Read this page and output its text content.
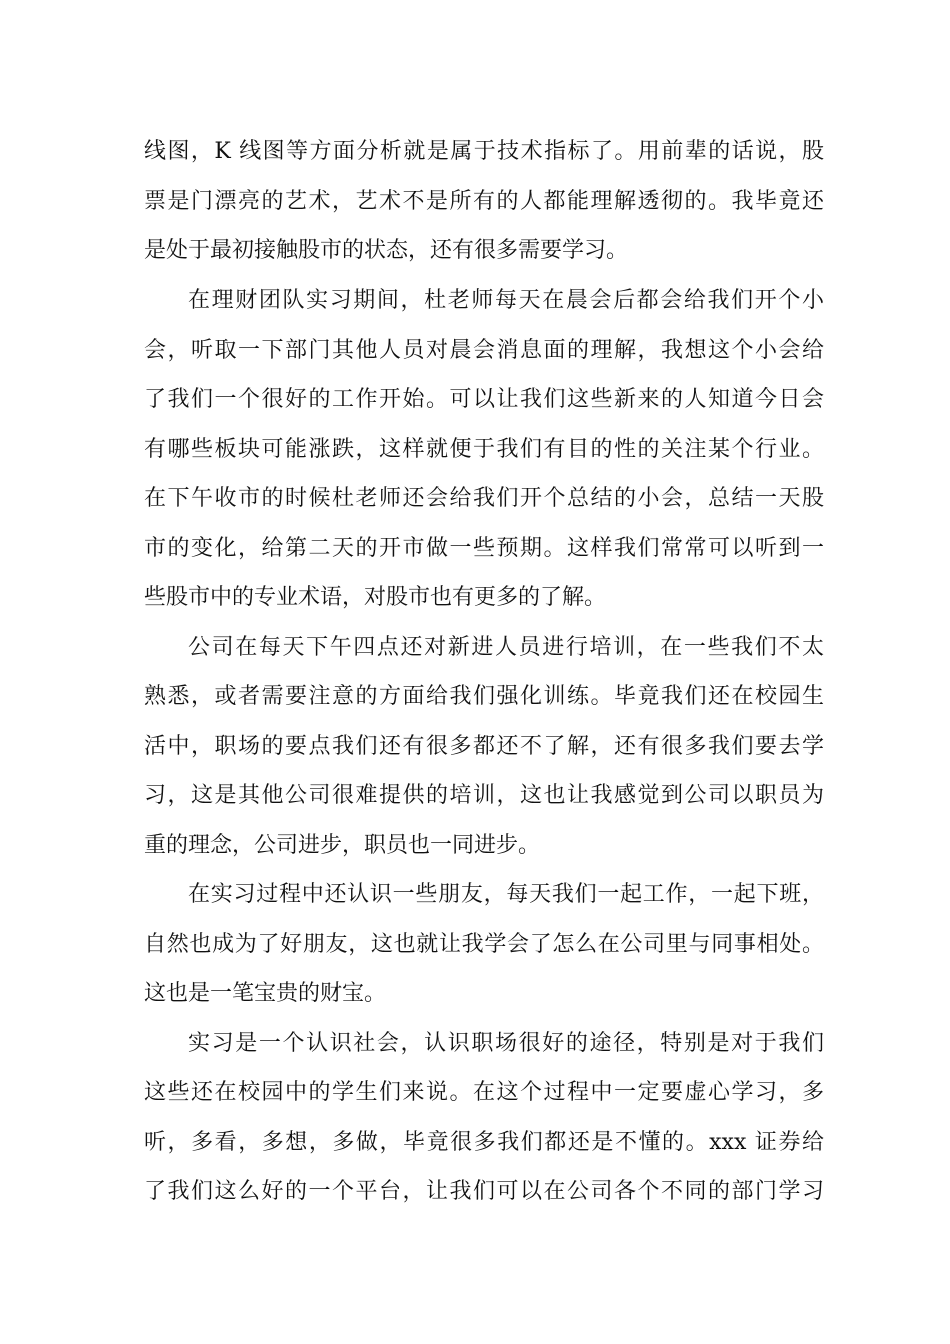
线图，K 线图等方面分析就是属于技术指标了。用前辈的话说，股
票是门漂亮的艺术，艺术不是所有的人都能理解透彻的。我毕竟还
是处于最初接触股市的状态，还有很多需要学习。
在理财团队实习期间，杜老师每天在晨会后都会给我们开个小
会，听取一下部门其他人员对晨会消息面的理解，我想这个小会给
了我们一个很好的工作开始。可以让我们这些新来的人知道今日会
有哪些板块可能涨跌，这样就便于我们有目的性的关注某个行业。
在下午收市的时候杜老师还会给我们开个总结的小会，总结一天股
市的变化，给第二天的开市做一些预期。这样我们常常可以听到一
些股市中的专业术语，对股市也有更多的了解。
公司在每天下午四点还对新进人员进行培训，在一些我们不太
熟悉，或者需要注意的方面给我们强化训练。毕竟我们还在校园生
活中，职场的要点我们还有很多都还不了解，还有很多我们要去学
习，这是其他公司很难提供的培训，这也让我感觉到公司以职员为
重的理念，公司进步，职员也一同进步。
在实习过程中还认识一些朋友，每天我们一起工作，一起下班，
自然也成为了好朋友，这也就让我学会了怎么在公司里与同事相处。
这也是一笔宝贵的财宝。
实习是一个认识社会，认识职场很好的途径，特别是对于我们
这些还在校园中的学生们来说。在这个过程中一定要虚心学习，多
听，多看，多想，多做，毕竟很多我们都还是不懂的。xxx 证券给
了我们这么好的一个平台，让我们可以在公司各个不同的部门学习
